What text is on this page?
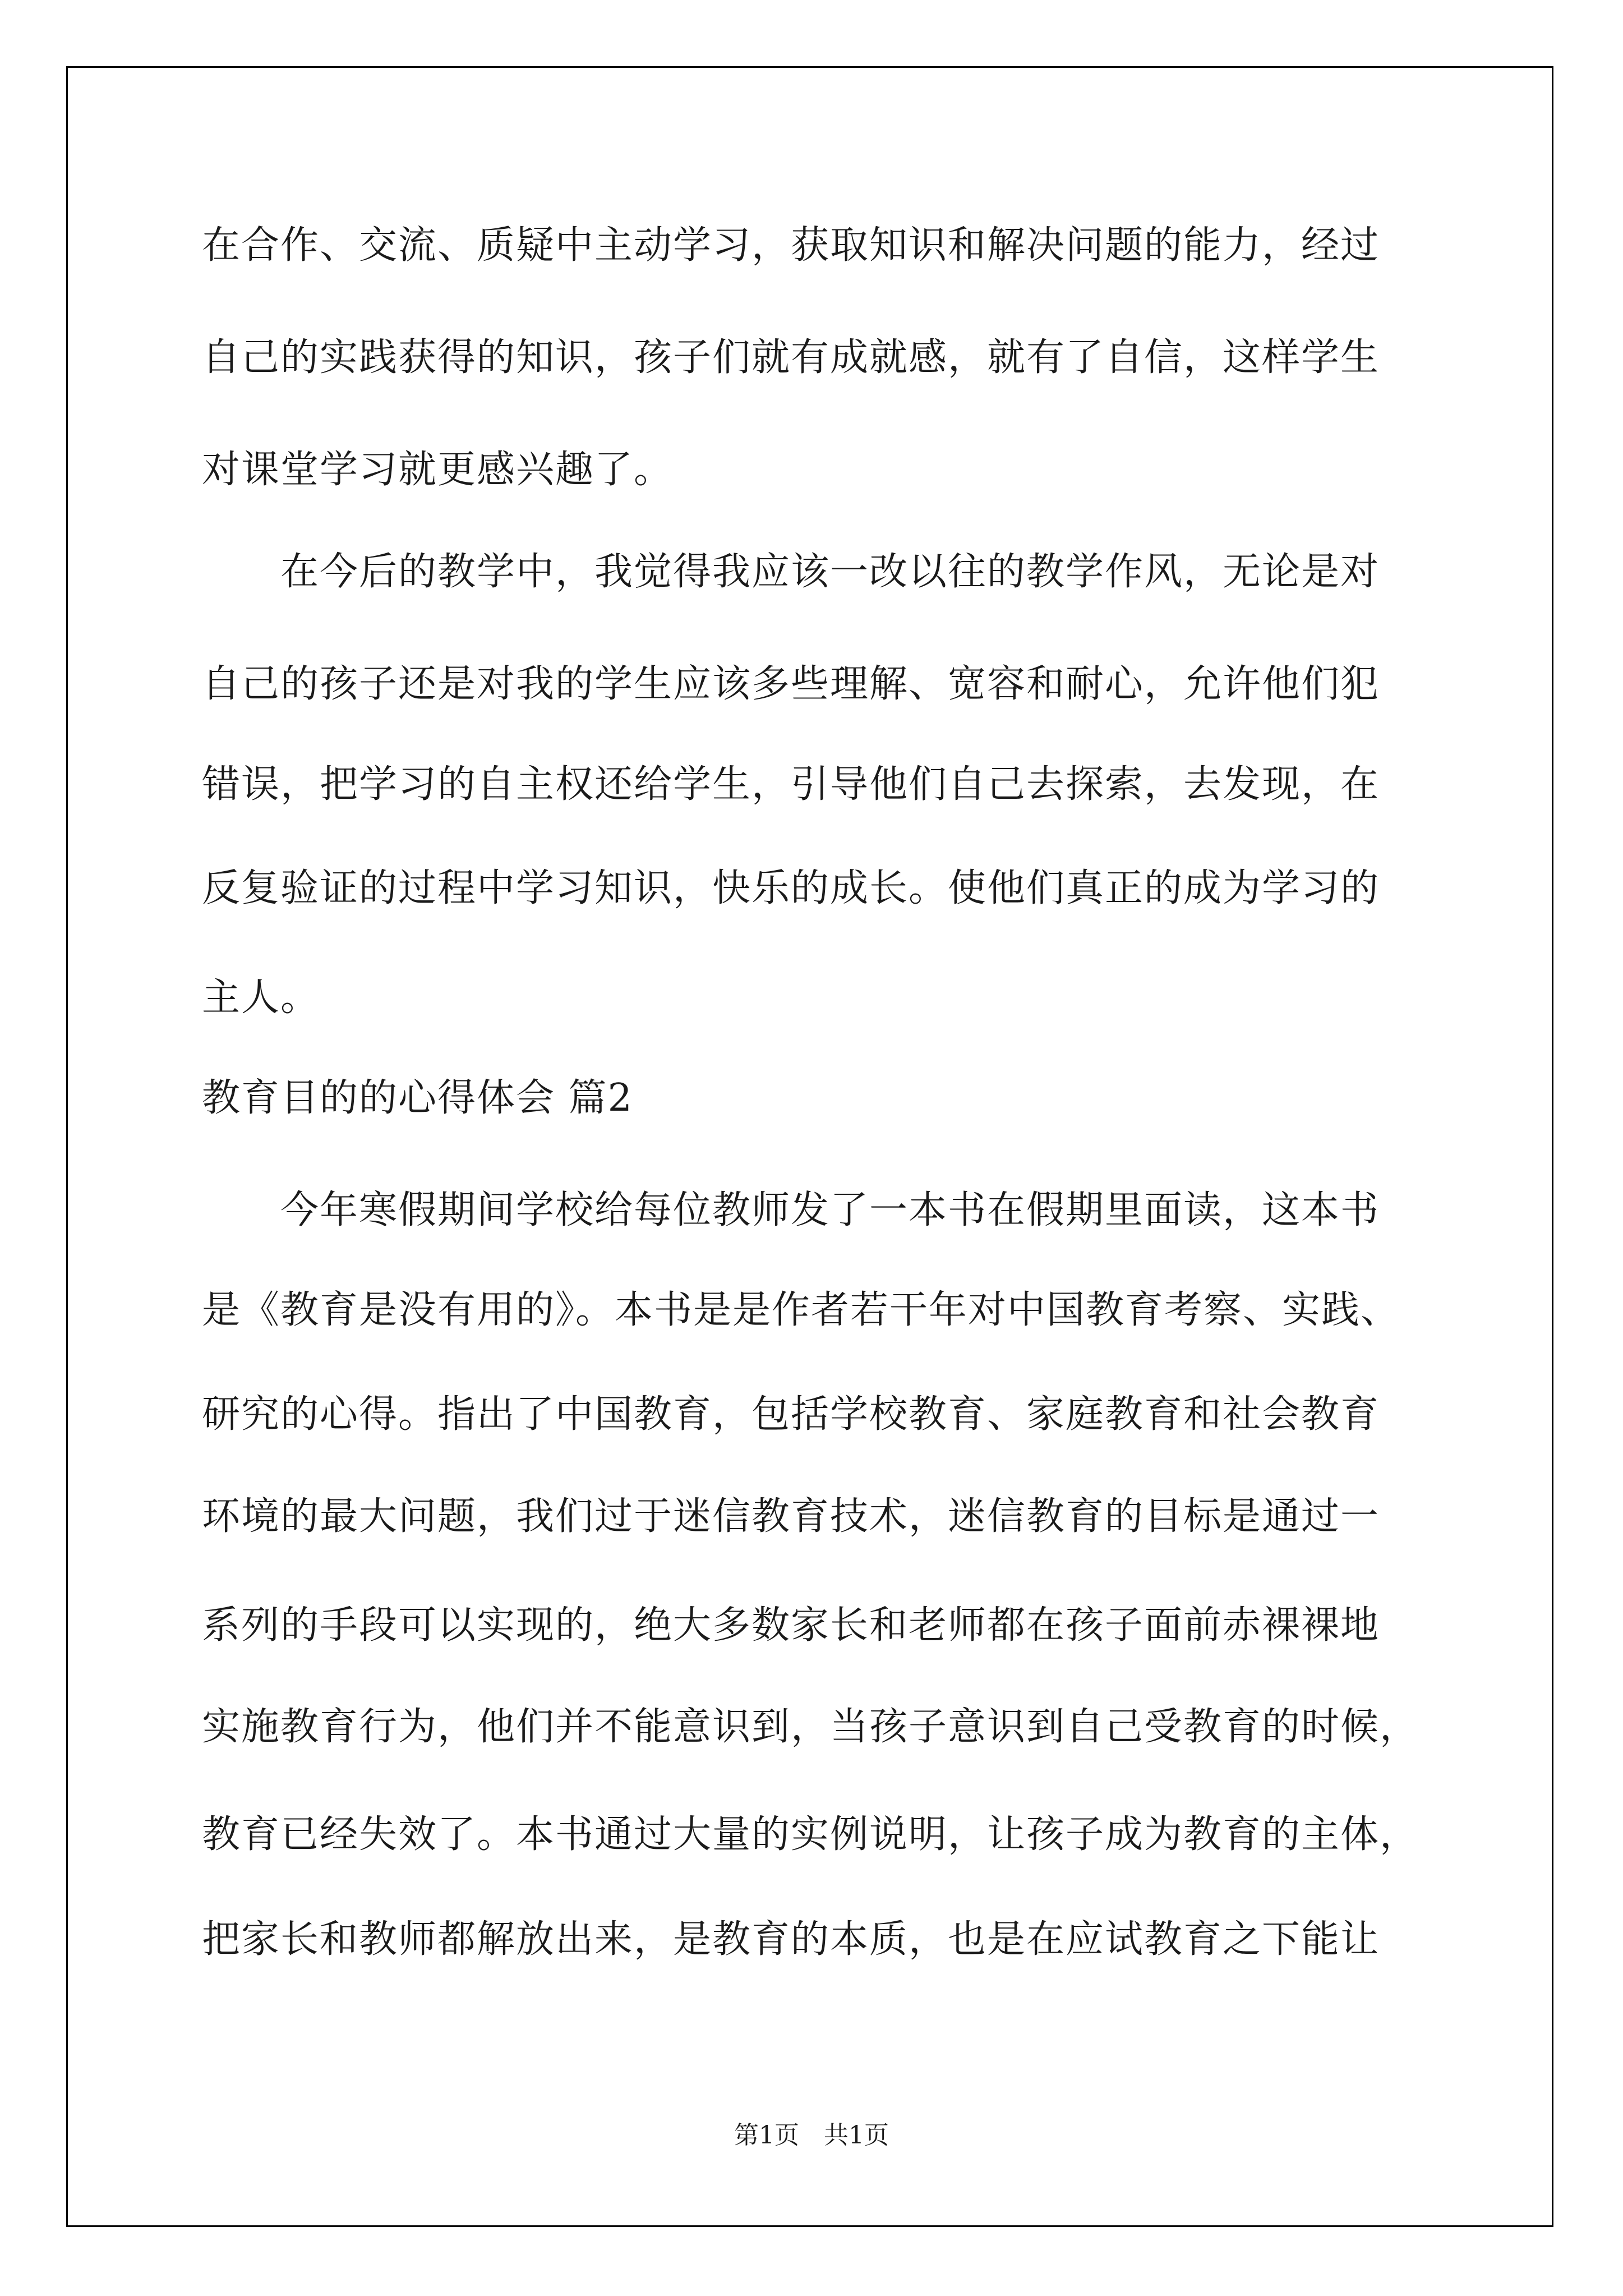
在合作、交流、质疑中主动学习，获取知识和解决问题的能力，经过
自己的实践获得的知识，孩子们就有成就感，就有了自信，这样学生
对课堂学习就更感兴趣了。
　　在今后的教学中，我觉得我应该一改以往的教学作风，无论是对
自己的孩子还是对我的学生应该多些理解、宽容和耐心，允许他们犯
错误，把学习的自主权还给学生，引导他们自己去探索，去发现，在
反复验证的过程中学习知识，快乐的成长。使他们真正的成为学习的
主人。
教育目的的心得体会 篇2
　　今年寒假期间学校给每位教师发了一本书在假期里面读，这本书
是《教育是没有用的》。本书是是作者若干年对中国教育考察、实践、
研究的心得。指出了中国教育，包括学校教育、家庭教育和社会教育
环境的最大问题，我们过于迷信教育技术，迷信教育的目标是通过一
系列的手段可以实现的，绝大多数家长和老师都在孩子面前赤裸裸地
实施教育行为，他们并不能意识到，当孩子意识到自己受教育的时候，
教育已经失效了。本书通过大量的实例说明，让孩子成为教育的主体，
把家长和教师都解放出来，是教育的本质，也是在应试教育之下能让
第1页　共1页
